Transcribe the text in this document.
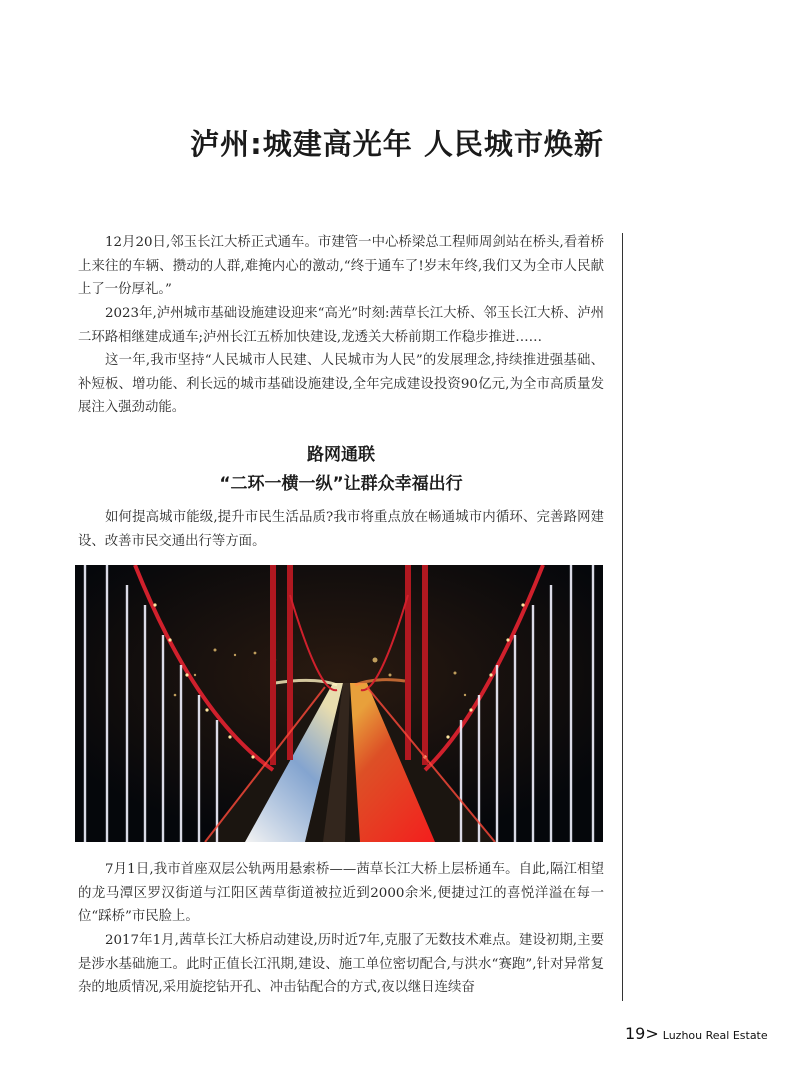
泸州:城建高光年 人民城市焕新

12月20日,邻玉长江大桥正式通车。市建管一中心桥梁总工程师周剑站在桥头,看着桥上来往的车辆、攒动的人群,难掩内心的激动,“终于通车了!岁末年终,我们又为全市人民献上了一份厚礼。”

2023年,泸州城市基础设施建设迎来“高光”时刻:茜草长江大桥、邻玉长江大桥、泸州二环路相继建成通车;泸州长江五桥加快建设,龙透关大桥前期工作稳步推进……

这一年,我市坚持“人民城市人民建、人民城市为人民”的发展理念,持续推进强基础、补短板、增功能、利长远的城市基础设施建设,全年完成建设投资90亿元,为全市高质量发展注入强劲动能。

路网通联
“二环一横一纵”让群众幸福出行

如何提高城市能级,提升市民生活品质?我市将重点放在畅通城市内循环、完善路网建设、改善市民交通出行等方面。

7月1日,我市首座双层公轨两用悬索桥——茜草长江大桥上层桥通车。自此,隔江相望的龙马潭区罗汉街道与江阳区茜草街道被拉近到2000余米,便捷过江的喜悦洋溢在每一位“踩桥”市民脸上。

2017年1月,茜草长江大桥启动建设,历时近7年,克服了无数技术难点。建设初期,主要是涉水基础施工。此时正值长江汛期,建设、施工单位密切配合,与洪水“赛跑”,针对异常复杂的地质情况,采用旋挖钻开孔、冲击钻配合的方式,夜以继日连续奋

19> Luzhou Real Estate
